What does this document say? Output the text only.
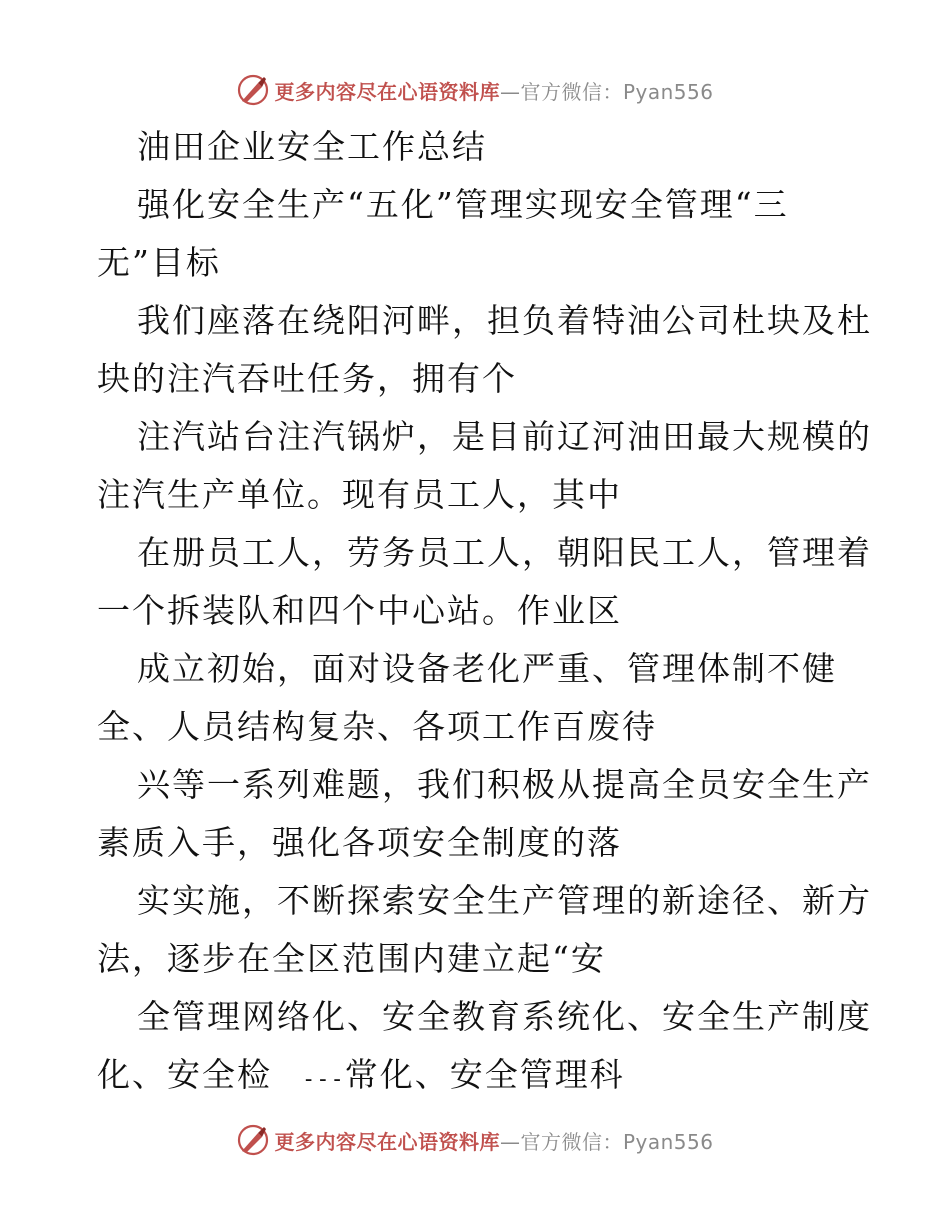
更多内容尽在心语资料库—官方微信：Pyan556
油田企业安全工作总结
强化安全生产“五化”管理实现安全管理“三
无”目标
我们座落在绕阳河畔，担负着特油公司杜块及杜
块的注汽吞吐任务，拥有个
注汽站台注汽锅炉，是目前辽河油田最大规模的
注汽生产单位。现有员工人，其中
在册员工人，劳务员工人，朝阳民工人，管理着
一个拆装队和四个中心站。作业区
成立初始，面对设备老化严重、管理体制不健
全、人员结构复杂、各项工作百废待
兴等一系列难题，我们积极从提高全员安全生产
素质入手，强化各项安全制度的落
实实施，不断探索安全生产管理的新途径、新方
法，逐步在全区范围内建立起“安
全管理网络化、安全教育系统化、安全生产制度
化、安全检 ---常化、安全管理科
更多内容尽在心语资料库—官方微信：Pyan556
